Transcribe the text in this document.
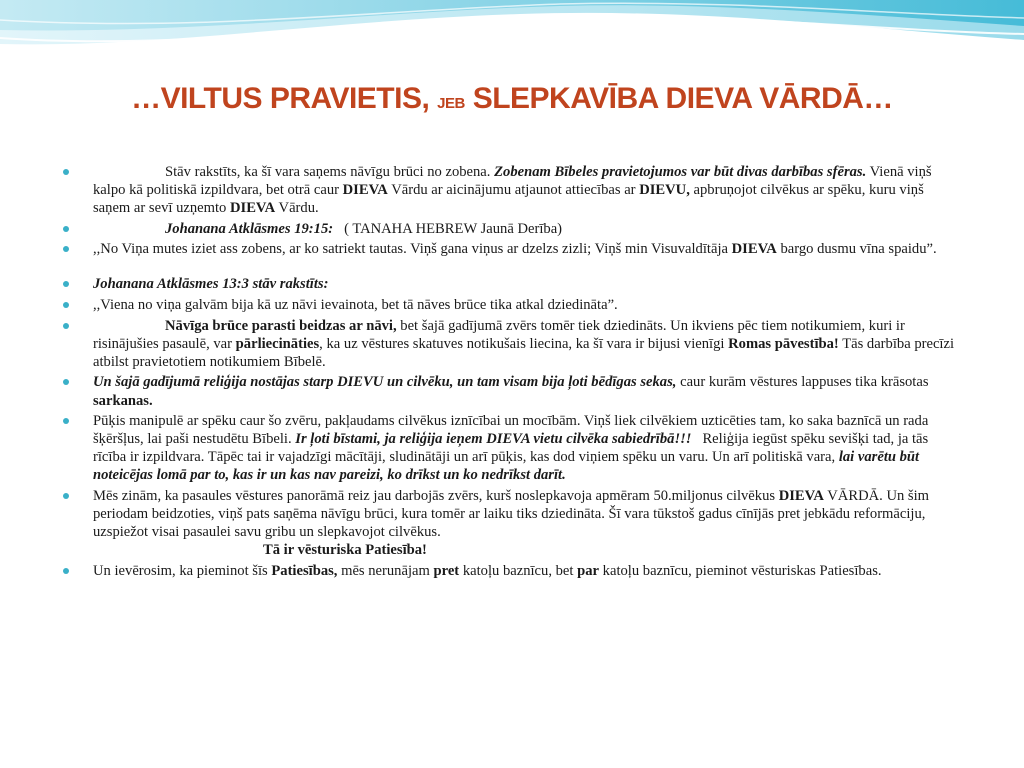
…VILTUS PRAVIETIS, JEB SLEPKAVĪBA DIEVA VĀRDĀ…
Stāv rakstīts, ka šī vara saņems nāvīgu brūci no zobena. Zobenam Bībeles pravietojumos var būt divas darbības sfēras. Vienā viņš kalpo kā politiskā izpildvara, bet otrā caur DIEVA Vārdu ar aicinājumu atjaunot attiecības ar DIEVU, apbruņojot cilvēkus ar spēku, kuru viņš saņem ar sevī uzņemto DIEVA Vārdu.
Johanana Atklāsmes 19:15: ( TANAHA HEBREW Jaunā Derība)
,,No Viņa mutes iziet ass zobens, ar ko satriekt tautas. Viņš gana viņus ar dzelzs zizli; Viņš min Visuvaldītāja DIEVA bargo dusmu vīna spaidu”.
Johanana Atklāsmes 13:3 stāv rakstīts:
,,Viena no viņa galvām bija kā uz nāvi ievainota, bet tā nāves brūce tika atkal dziedināta”.
Nāvīga brūce parasti beidzas ar nāvi, bet šajā gadījumā zvērs tomēr tiek dziedināts. Un ikviens pēc tiem notikumiem, kuri ir risinājušies pasaulē, var pārliecināties, ka uz vēstures skatuves notikušais liecina, ka šī vara ir bijusi vienīgi Romas pāvestība! Tās darbība precīzi atbilst pravietotiem notikumiem Bībelē.
Un šajā gadījumā reliģija nostājas starp DIEVU un cilvēku, un tam visam bija ļoti bēdīgas sekas, caur kurām vēstures lappuses tika krāsotas sarkanas.
Pūķis manipulē ar spēku caur šo zvēru, pakļaudams cilvēkus iznīcībai un mocībām. Viņš liek cilvēkiem uzticēties tam, ko saka baznīcā un rada šķēršļus, lai paši nestudētu Bībeli. Ir ļoti bīstami, ja reliģija ieņem DIEVA vietu cilvēka sabiedrībā!!! Reliģija iegūst spēku sevišķi tad, ja tās rīcība ir izpildvara. Tāpēc tai ir vajadzīgi mācītāji, sludinātāji un arī pūķis, kas dod viņiem spēku un varu. Un arī politiskā vara, lai varētu būt noteicējas lomā par to, kas ir un kas nav pareizi, ko drīkst un ko nedrīkst darīt.
Mēs zinām, ka pasaules vēstures panorāmā reiz jau darbojās zvērs, kurš noslepkavoja apmēram 50.miljonus cilvēkus DIEVA VĀRDĀ. Un šim periodam beidzoties, viņš pats saņēma nāvīgu brūci, kura tomēr ar laiku tiks dziedināta. Šī vara tūkstoš gadus cīnījās pret jebkādu reformāciju, uzspiežot visai pasaulei savu gribu un slepkavojot cilvēkus.
Tā ir vēsturiska Patiesība!
Un ievērosim, ka pieminot šīs Patiesības, mēs nerunājam pret katoļu baznīcu, bet par katoļu baznīcu, pieminot vēsturiskas Patiesības.
